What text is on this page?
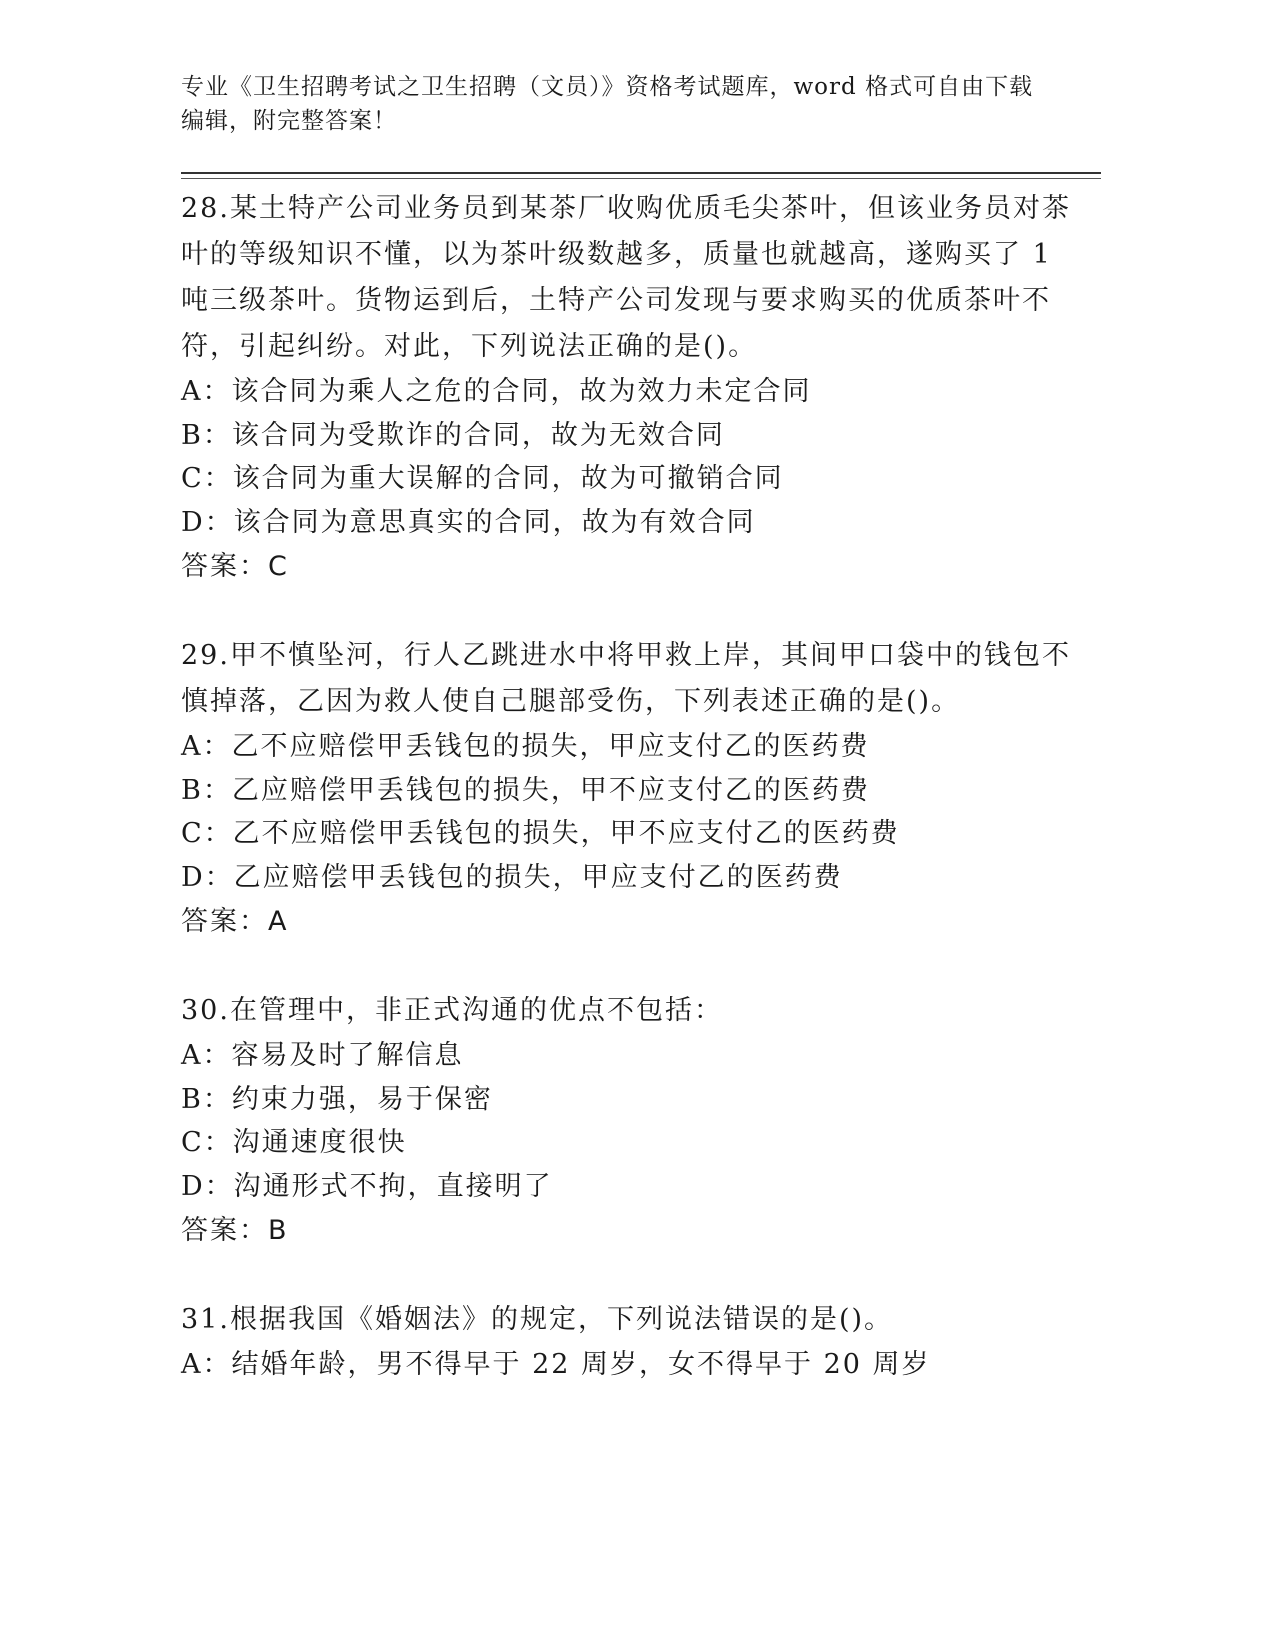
专业《卫生招聘考试之卫生招聘（文员）》资格考试题库，word 格式可自由下载
编辑，附完整答案！
28.某土特产公司业务员到某茶厂收购优质毛尖茶叶，但该业务员对茶
叶的等级知识不懂，以为茶叶级数越多，质量也就越高，遂购买了 1
吨三级茶叶。货物运到后，土特产公司发现与要求购买的优质茶叶不
符，引起纠纷。对此，下列说法正确的是()。
A：该合同为乘人之危的合同，故为效力未定合同
B：该合同为受欺诈的合同，故为无效合同
C：该合同为重大误解的合同，故为可撤销合同
D：该合同为意思真实的合同，故为有效合同
答案：C
29.甲不慎坠河，行人乙跳进水中将甲救上岸，其间甲口袋中的钱包不
慎掉落，乙因为救人使自己腿部受伤，下列表述正确的是()。
A：乙不应赔偿甲丢钱包的损失，甲应支付乙的医药费
B：乙应赔偿甲丢钱包的损失，甲不应支付乙的医药费
C：乙不应赔偿甲丢钱包的损失，甲不应支付乙的医药费
D：乙应赔偿甲丢钱包的损失，甲应支付乙的医药费
答案：A
30.在管理中，非正式沟通的优点不包括：
A：容易及时了解信息
B：约束力强，易于保密
C：沟通速度很快
D：沟通形式不拘，直接明了
答案：B
31.根据我国《婚姻法》的规定，下列说法错误的是()。
A：结婚年龄，男不得早于 22 周岁，女不得早于 20 周岁
